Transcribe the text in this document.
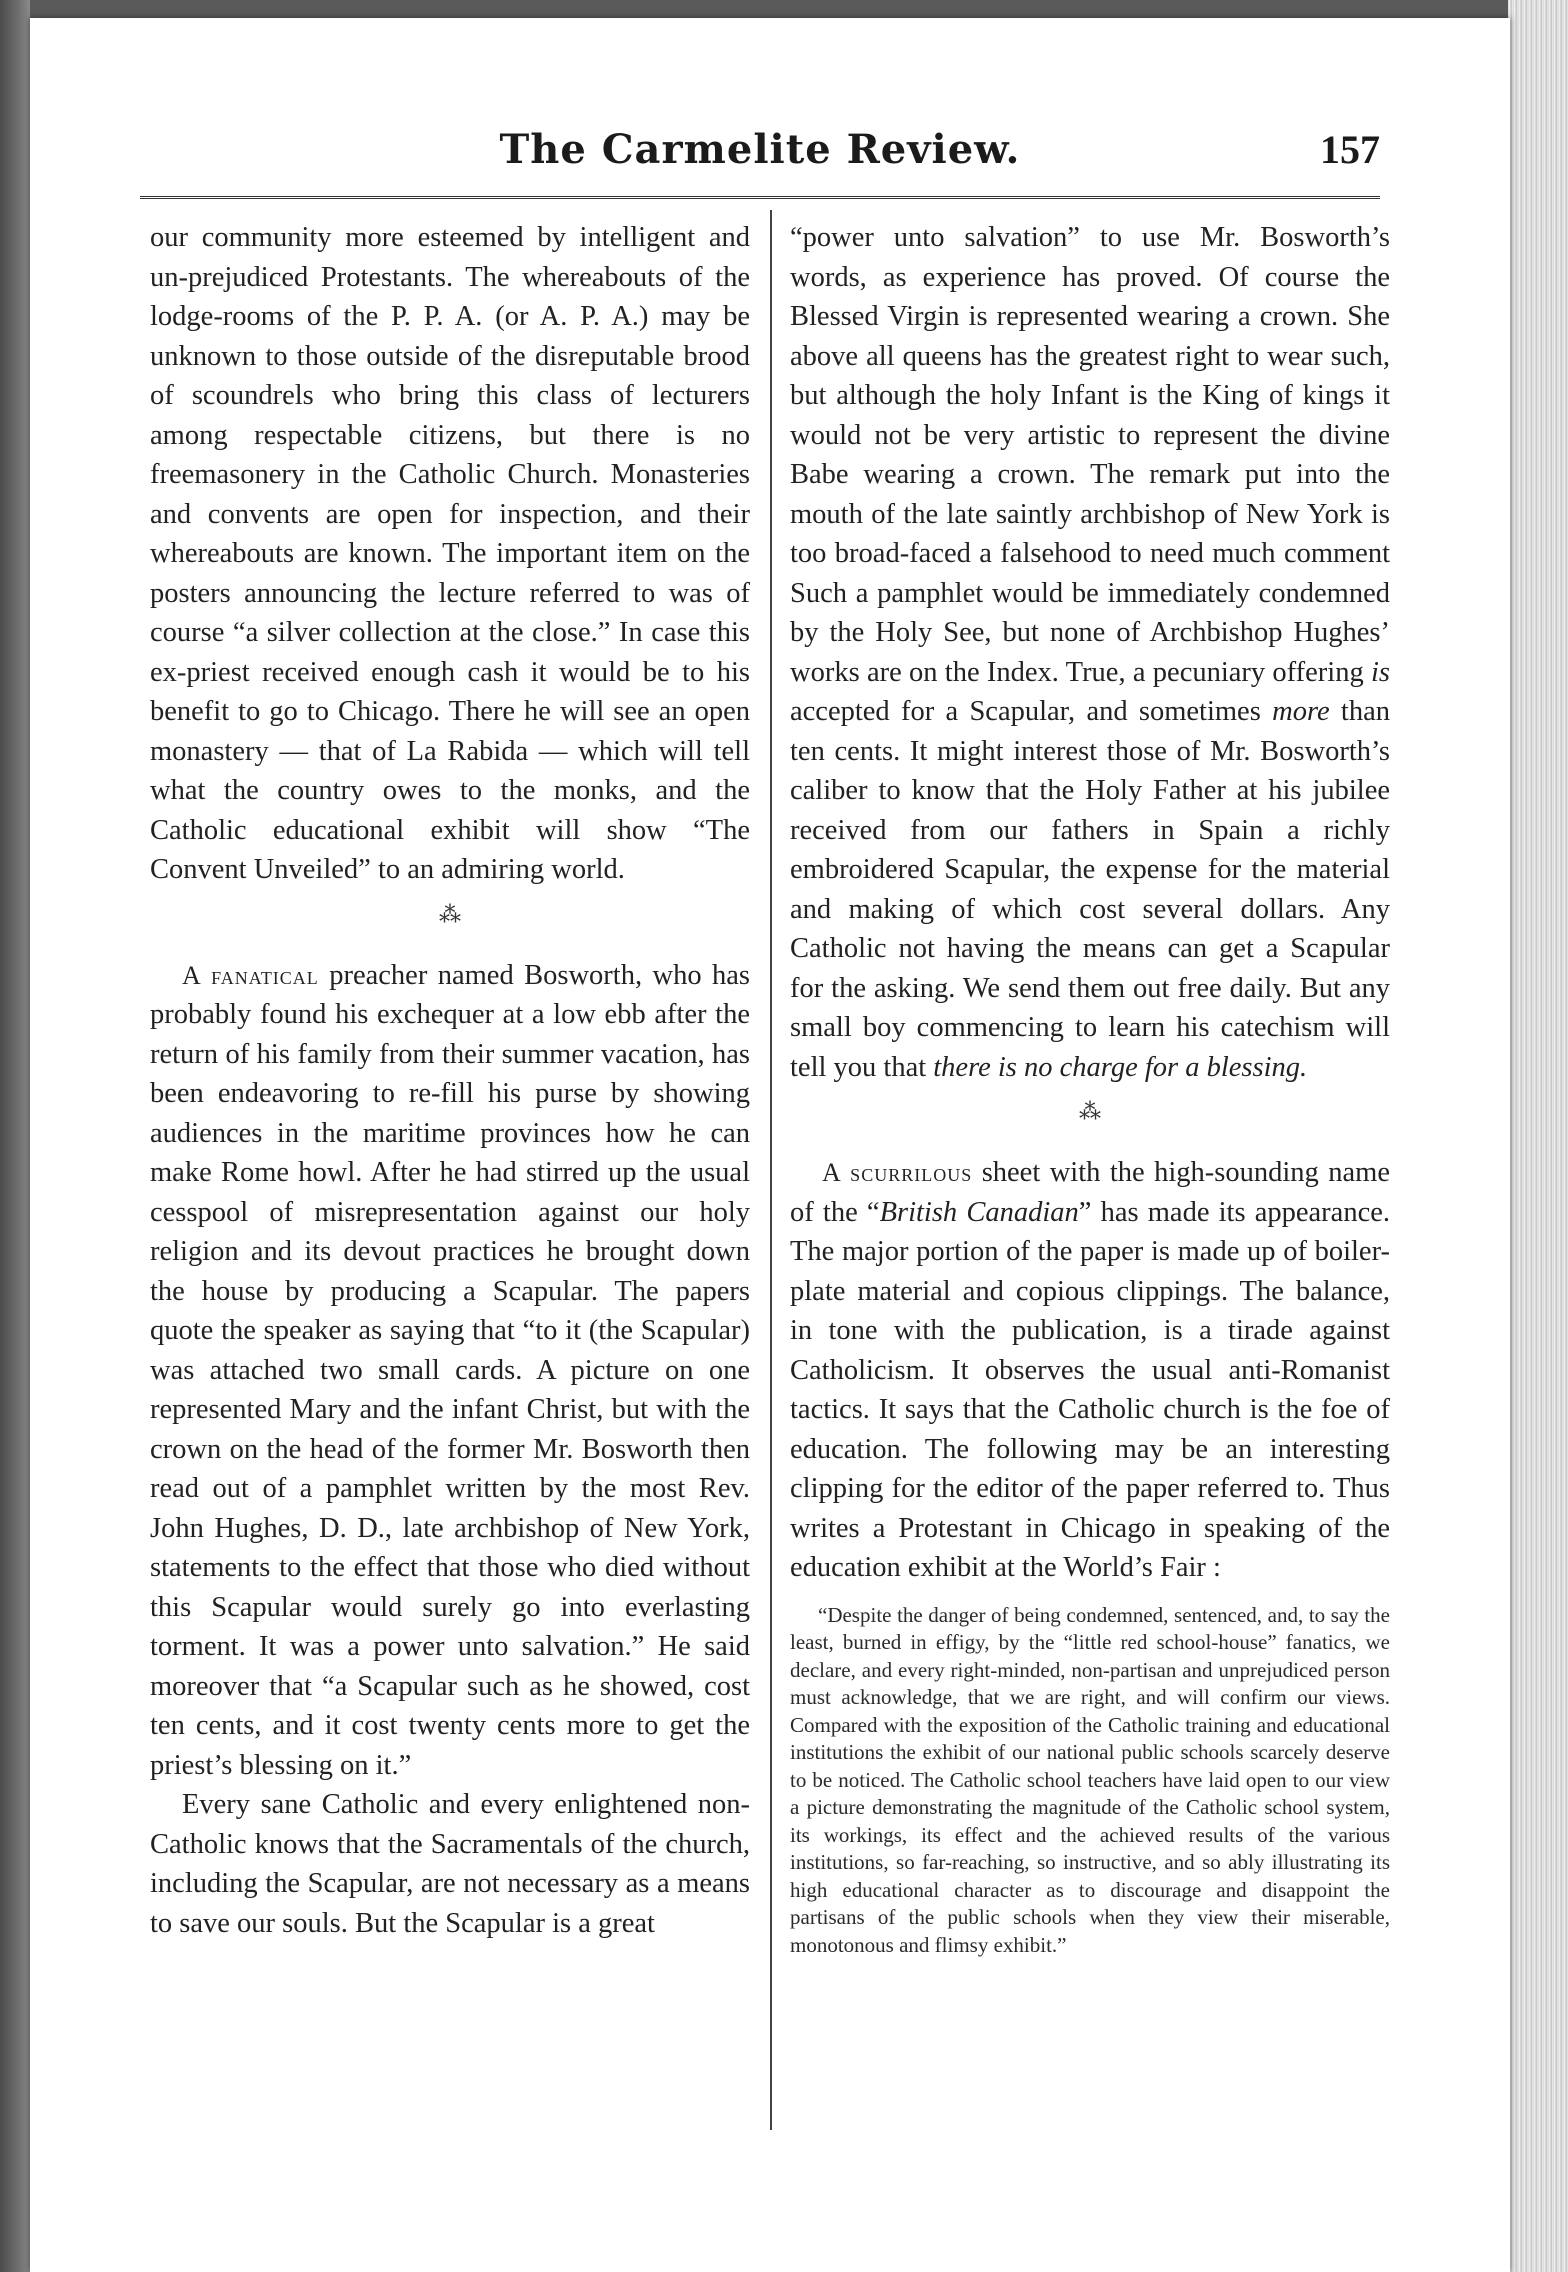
The Carmelite Review.	157

our community more esteemed by intelligent and un-prejudiced Protestants. The whereabouts of the lodge-rooms of the P. P. A. (or A. P. A.) may be unknown to those outside of the disreputable brood of scoundrels who bring this class of lecturers among respectable citizens, but there is no freemasonery in the Catholic Church. Monasteries and convents are open for inspection, and their whereabouts are known. The important item on the posters announcing the lecture referred to was of course “a silver collection at the close.” In case this ex-priest received enough cash it would be to his benefit to go to Chicago. There he will see an open monastery — that of La Rabida — which will tell what the country owes to the monks, and the Catholic educational exhibit will show “The Convent Unveiled” to an admiring world.

⁂

A fanatical preacher named Bosworth, who has probably found his exchequer at a low ebb after the return of his family from their summer vacation, has been endeavoring to re-fill his purse by showing audiences in the maritime provinces how he can make Rome howl. After he had stirred up the usual cesspool of misrepresentation against our holy religion and its devout practices he brought down the house by producing a Scapular. The papers quote the speaker as saying that “to it (the Scapular) was attached two small cards. A picture on one represented Mary and the infant Christ, but with the crown on the head of the former Mr. Bosworth then read out of a pamphlet written by the most Rev. John Hughes, D. D., late archbishop of New York, statements to the effect that those who died without this Scapular would surely go into everlasting torment. It was a power unto salvation.” He said moreover that “a Scapular such as he showed, cost ten cents, and it cost twenty cents more to get the priest’s blessing on it.”

Every sane Catholic and every enlightened non-Catholic knows that the Sacramentals of the church, including the Scapular, are not necessary as a means to save our souls. But the Scapular is a great

“power unto salvation” to use Mr. Bosworth’s words, as experience has proved. Of course the Blessed Virgin is represented wearing a crown. She above all queens has the greatest right to wear such, but although the holy Infant is the King of kings it would not be very artistic to represent the divine Babe wearing a crown. The remark put into the mouth of the late saintly archbishop of New York is too broad-faced a falsehood to need much comment Such a pamphlet would be immediately condemned by the Holy See, but none of Archbishop Hughes’ works are on the Index. True, a pecuniary offering is accepted for a Scapular, and sometimes more than ten cents. It might interest those of Mr. Bosworth’s caliber to know that the Holy Father at his jubilee received from our fathers in Spain a richly embroidered Scapular, the expense for the material and making of which cost several dollars. Any Catholic not having the means can get a Scapular for the asking. We send them out free daily. But any small boy commencing to learn his catechism will tell you that there is no charge for a blessing.

⁂

A scurrilous sheet with the high-sounding name of the “British Canadian” has made its appearance. The major portion of the paper is made up of boiler-plate material and copious clippings. The balance, in tone with the publication, is a tirade against Catholicism. It observes the usual anti-Romanist tactics. It says that the Catholic church is the foe of education. The following may be an interesting clipping for the editor of the paper referred to. Thus writes a Protestant in Chicago in speaking of the education exhibit at the World’s Fair :

“Despite the danger of being condemned, sentenced, and, to say the least, burned in effigy, by the “little red school-house” fanatics, we declare, and every right-minded, non-partisan and unprejudiced person must acknowledge, that we are right, and will confirm our views. Compared with the exposition of the Catholic training and educational institutions the exhibit of our national public schools scarcely deserve to be noticed. The Catholic school teachers have laid open to our view a picture demonstrating the magnitude of the Catholic school system, its workings, its effect and the achieved results of the various institutions, so far-reaching, so instructive, and so ably illustrating its high educational character as to discourage and disappoint the partisans of the public schools when they view their miserable, monotonous and flimsy exhibit.”
